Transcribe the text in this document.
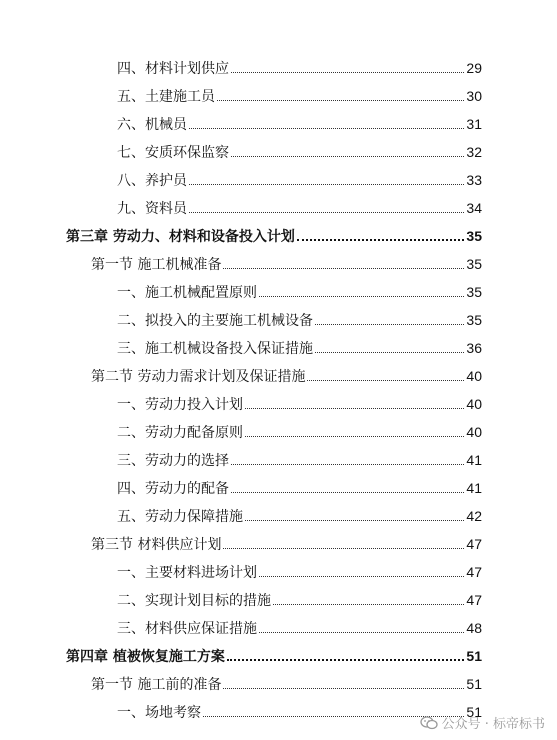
四、材料计划供应	29
五、土建施工员	30
六、机械员	31
七、安质环保监察	32
八、养护员	33
九、资料员	34
第三章 劳动力、材料和设备投入计划	35
第一节 施工机械准备	35
一、施工机械配置原则	35
二、拟投入的主要施工机械设备	35
三、施工机械设备投入保证措施	36
第二节 劳动力需求计划及保证措施	40
一、劳动力投入计划	40
二、劳动力配备原则	40
三、劳动力的选择	41
四、劳动力的配备	41
五、劳动力保障措施	42
第三节 材料供应计划	47
一、主要材料进场计划	47
二、实现计划目标的措施	47
三、材料供应保证措施	48
第四章 植被恢复施工方案	51
第一节 施工前的准备	51
一、场地考察	51
公众号 · 标帝标书
